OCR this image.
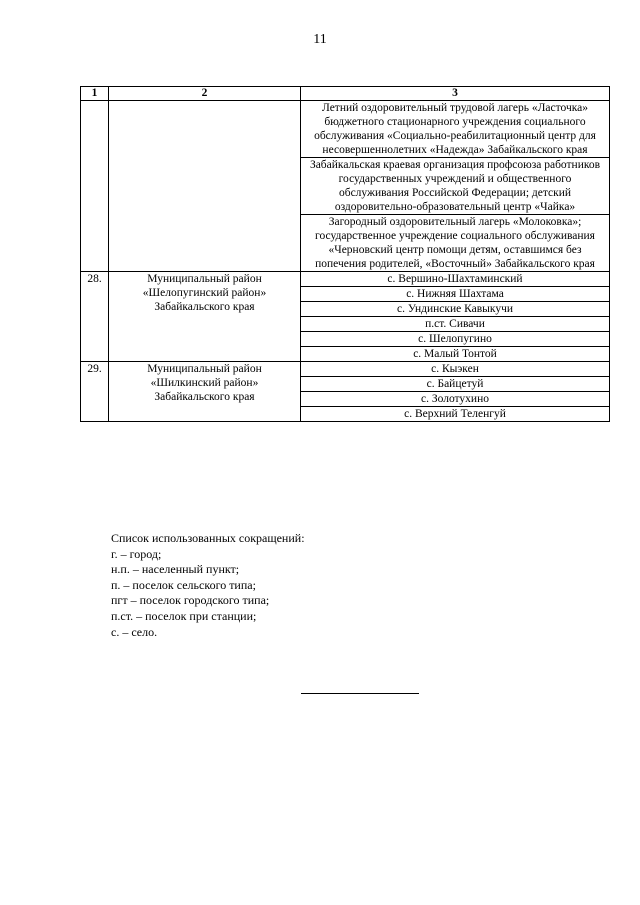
11
1	2	3
		Летний оздоровительный трудовой лагерь «Ласточка» бюджетного стационарного учреждения социального обслуживания «Социально-реабилитационный центр для несовершеннолетних «Надежда» Забайкальского края
		Забайкальская краевая организация профсоюза работников государственных учреждений и общественного обслуживания Российской Федерации; детский оздоровительно-образовательный центр «Чайка»
		Загородный оздоровительный лагерь «Молоковка»; государственное учреждение социального обслуживания «Черновский центр помощи детям, оставшимся без попечения родителей, «Восточный» Забайкальского края
28.	Муниципальный район «Шелопугинский район» Забайкальского края	с. Вершино-Шахтаминский
		с. Нижняя Шахтама
		с. Ундинские Кавыкучи
		п.ст. Сивачи
		с. Шелопугино
		с. Малый Тонтой
29.	Муниципальный район «Шилкинский район» Забайкальского края	с. Кыэкен
		с. Байцетуй
		с. Золотухино
		с. Верхний Теленгуй
Список использованных сокращений:
г. – город;
н.п. – населенный пункт;
п. – поселок сельского типа;
пгт – поселок городского типа;
п.ст. – поселок при станции;
с. – село.
